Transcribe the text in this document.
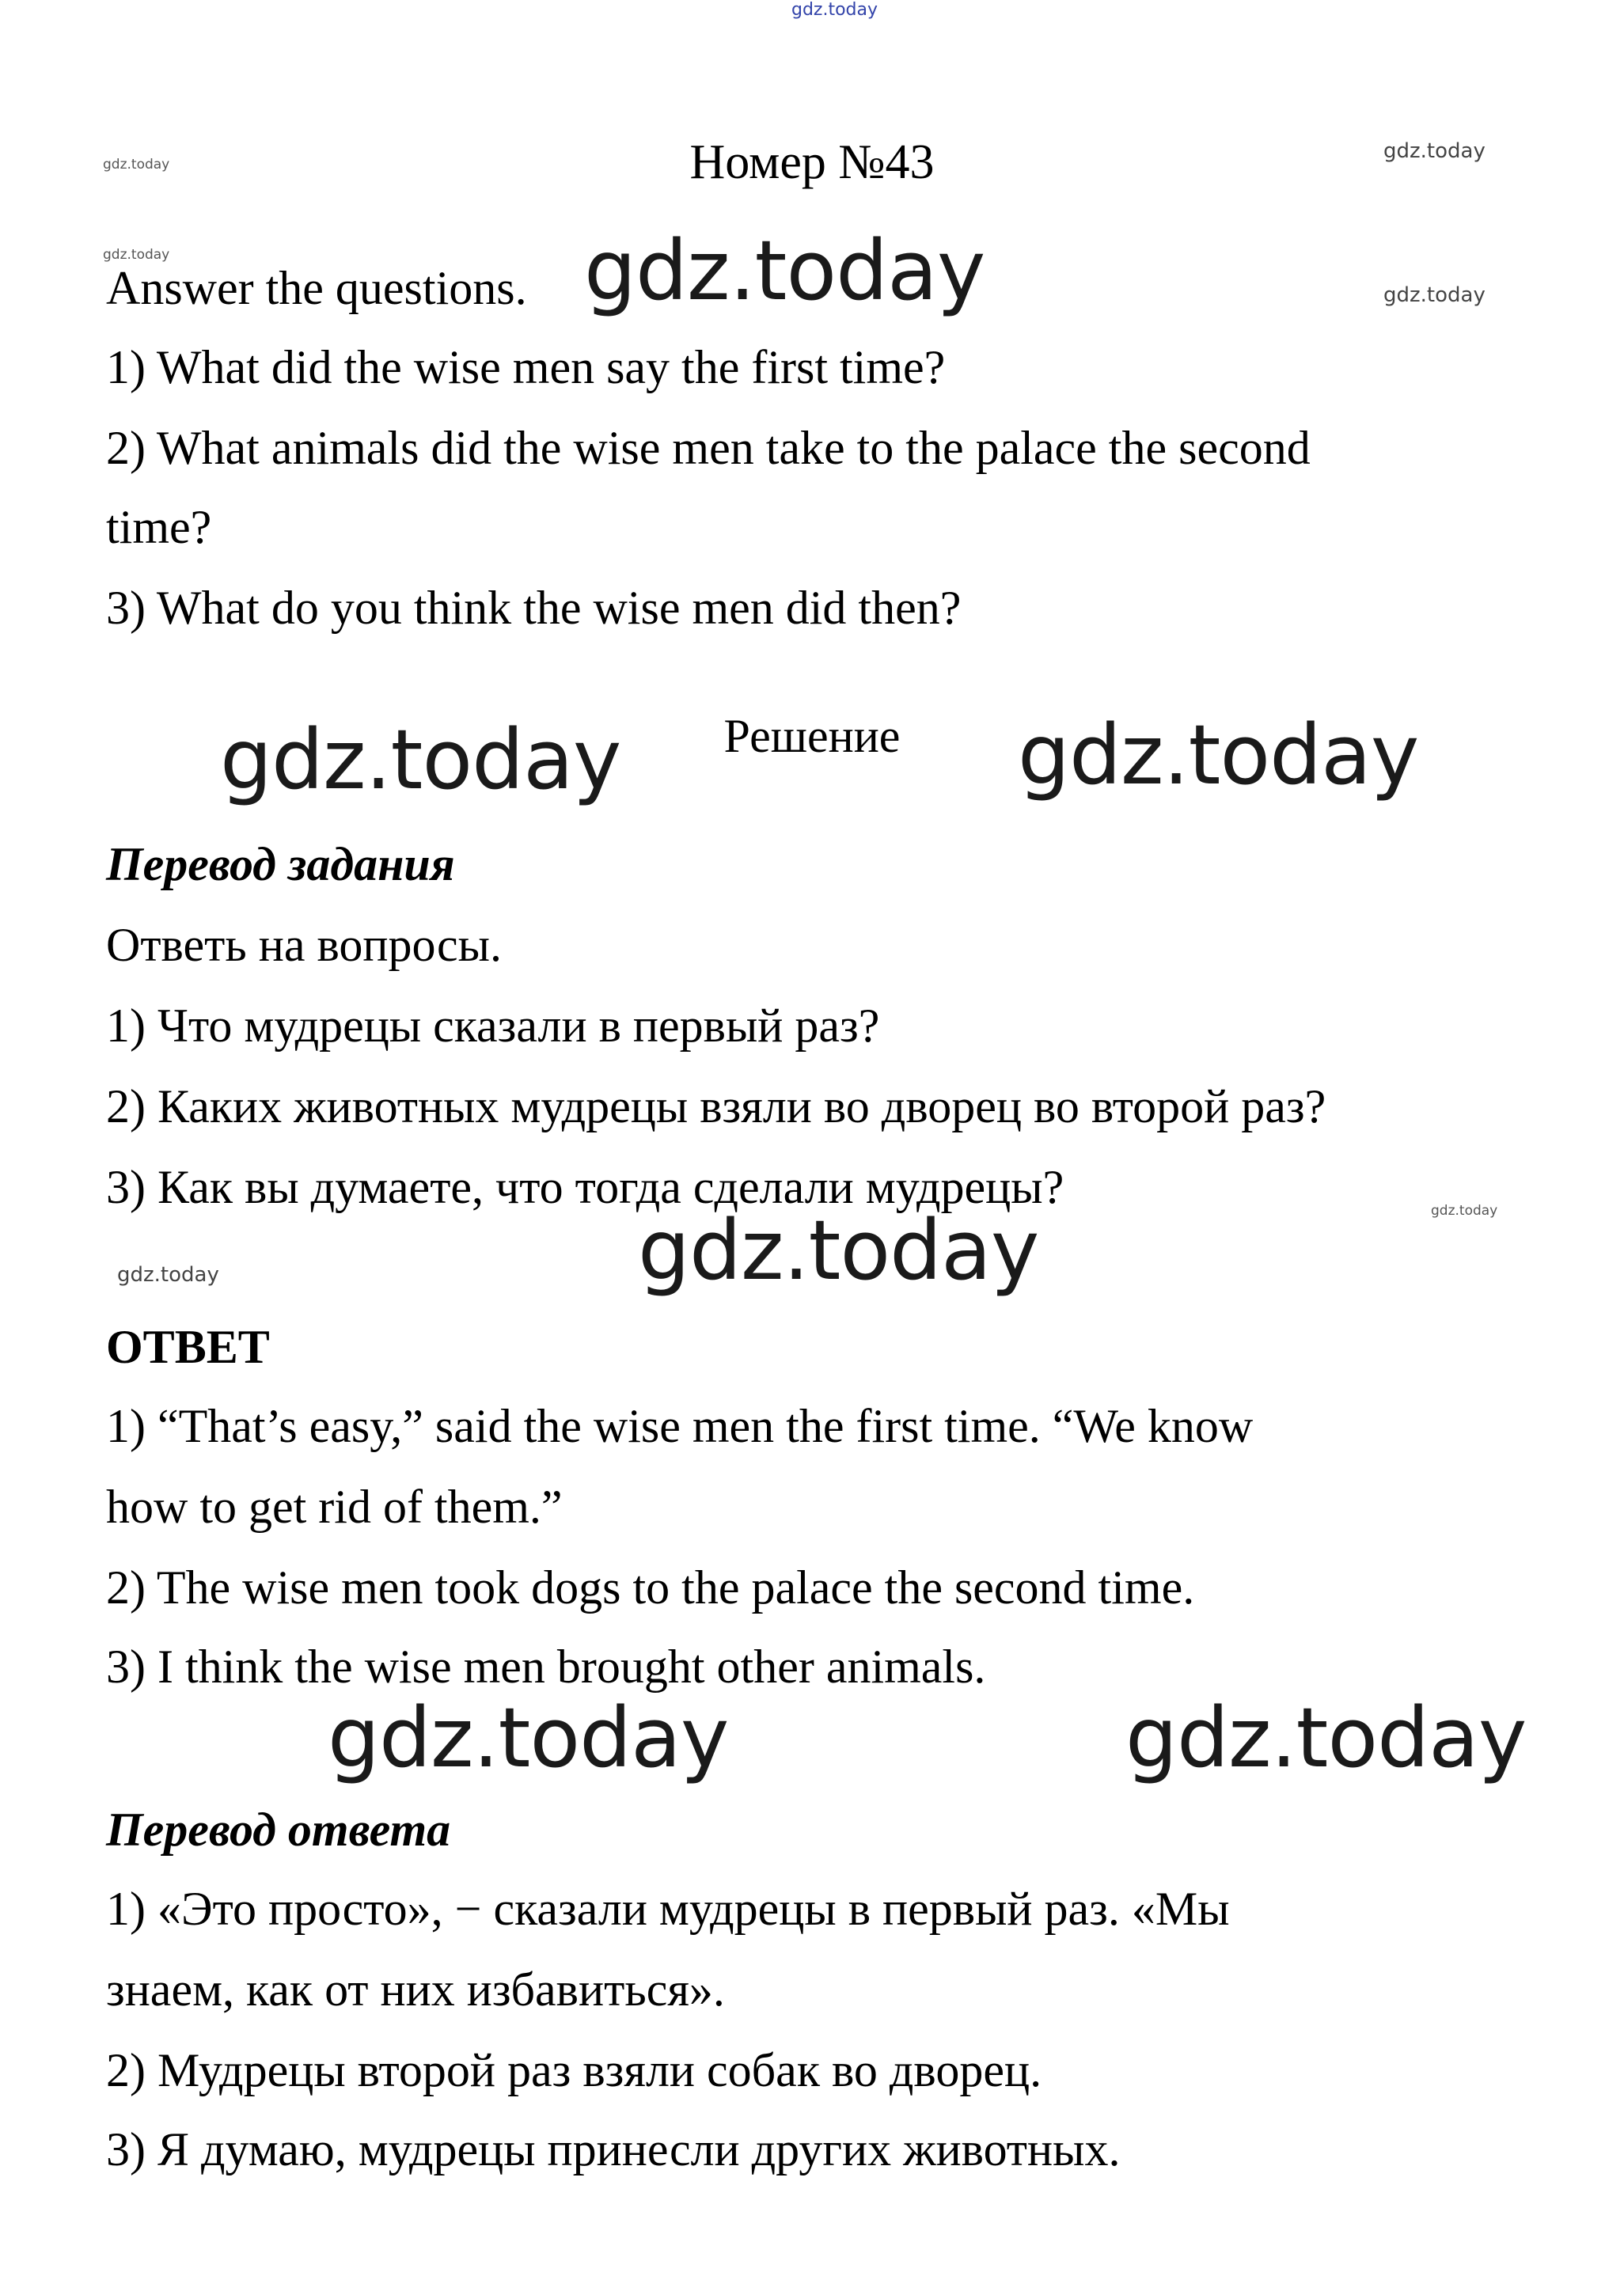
gdz.today
gdz.today
gdz.today
gdz.today	gdz.today	gdz.today
gdz.today	gdz.today
gdz.today
gdz.today	gdz.today
gdz.today	gdz.today
Номер №43
Answer the questions.
1) What did the wise men say the first time?
2) What animals did the wise men take to the palace the second
time?
3) What do you think the wise men did then?
Решение
Перевод задания
Ответь на вопросы.
1) Что мудрецы сказали в первый раз?
2) Каких животных мудрецы взяли во дворец во второй раз?
3) Как вы думаете, что тогда сделали мудрецы?
ОТВЕТ
1) “That’s easy,” said the wise men the first time. “We know
how to get rid of them.”
2) The wise men took dogs to the palace the second time.
3) I think the wise men brought other animals.
Перевод ответа
1) «Это просто», − сказали мудрецы в первый раз. «Мы
знаем, как от них избавиться».
2) Мудрецы второй раз взяли собак во дворец.
3) Я думаю, мудрецы принесли других животных.
